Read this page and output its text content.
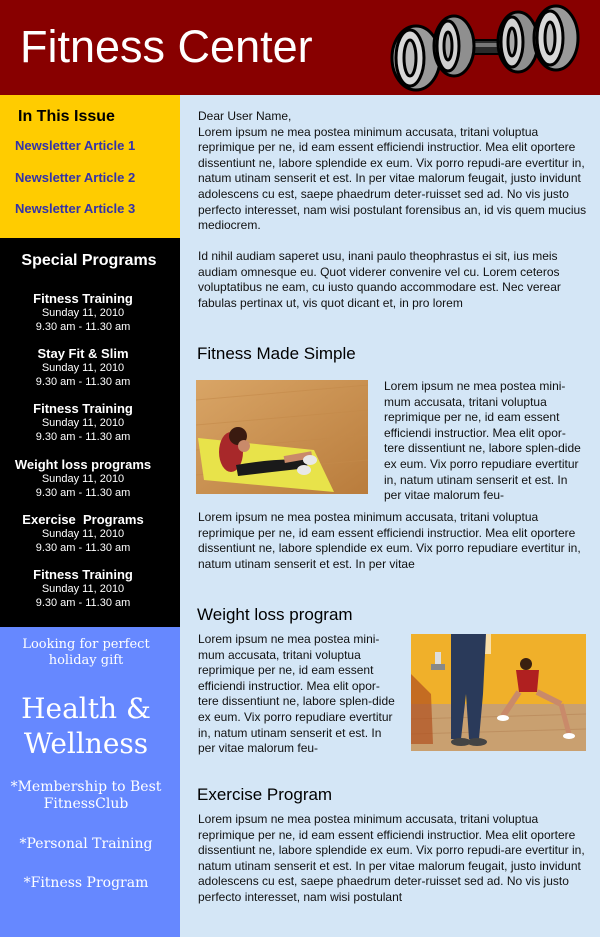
Fitness Center
In This Issue
Newsletter Article 1
Newsletter Article 2
Newsletter Article 3
Special Programs
Fitness Training
Sunday 11, 2010
9.30 am - 11.30 am
Stay Fit & Slim
Sunday 11, 2010
9.30 am - 11.30 am
Fitness Training
Sunday 11, 2010
9.30 am - 11.30 am
Weight loss programs
Sunday 11, 2010
9.30 am - 11.30 am
Exercise  Programs
Sunday 11, 2010
9.30 am - 11.30 am
Fitness Training
Sunday 11, 2010
9.30 am - 11.30 am
Looking for perfect
holiday gift
Health &
Wellness
*Membership to Best
FitnessClub
*Personal Training
*Fitness Program
Dear User Name,
Lorem ipsum ne mea postea minimum accusata, tritani voluptua reprimique per ne, id eam essent efficiendi instructior. Mea elit oportere dissentiunt ne, labore splendide ex eum. Vix porro repudi-are evertitur in, natum utinam senserit et est. In per vitae malorum feugait, justo invidunt adolescens cu est, saepe phaedrum deter-ruisset sed ad. No vis justo perfecto interesset, nam wisi postulant forensibus an, id vis quem mucius mediocrem.
Id nihil audiam saperet usu, inani paulo theophrastus ei sit, ius meis audiam omnesque eu. Quot viderer convenire vel cu. Lorem ceteros voluptatibus ne eam, cu iusto quando accommodare est. Nec verear fabulas pertinax ut, vis quot dicant et, in pro lorem
Fitness Made Simple
Lorem ipsum ne mea postea mini-mum accusata, tritani voluptua reprimique per ne, id eam essent efficiendi instructior. Mea elit opor-tere dissentiunt ne, labore splen-dide ex eum. Vix porro repudiare evertitur in, natum utinam senserit et est. In per vitae malorum feu-
Lorem ipsum ne mea postea minimum accusata, tritani voluptua reprimique per ne, id eam essent efficiendi instructior. Mea elit oportere dissentiunt ne, labore splendide ex eum. Vix porro repudiare evertitur in, natum utinam senserit et est. In per vitae
Weight loss program
Lorem ipsum ne mea postea mini-mum accusata, tritani voluptua reprimique per ne, id eam essent efficiendi instructior. Mea elit opor-tere dissentiunt ne, labore splen-dide ex eum. Vix porro repudiare evertitur in, natum utinam senserit et est. In per vitae malorum feu-
Exercise Program
Lorem ipsum ne mea postea minimum accusata, tritani voluptua reprimique per ne, id eam essent efficiendi instructior. Mea elit oportere dissentiunt ne, labore splendide ex eum. Vix porro repudi-are evertitur in, natum utinam senserit et est. In per vitae malorum feugait, justo invidunt adolescens cu est, saepe phaedrum deter-ruisset sed ad. No vis justo perfecto interesset, nam wisi postulant
